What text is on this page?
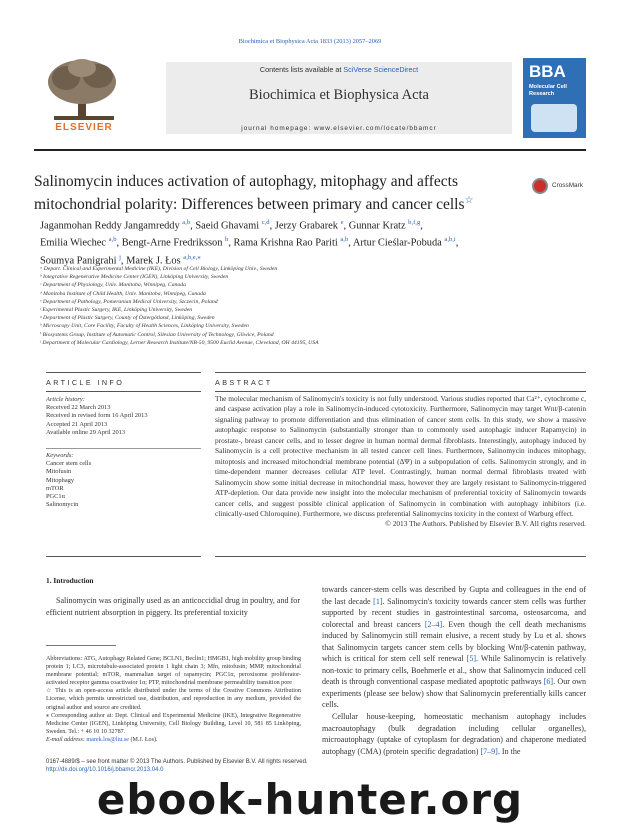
Biochimica et Biophysica Acta 1833 (2013) 2057–2069
ELSEVIER
Contents lists available at SciVerse ScienceDirect
Biochimica et Biophysica Acta
journal homepage: www.elsevier.com/locate/bbamcr
BBA
Molecular Cell
Research
Salinomycin induces activation of autophagy, mitophagy and affects mitochondrial polarity: Differences between primary and cancer cells☆
CrossMark
Jaganmohan Reddy Jangamreddy $^{a,b}$, Saeid Ghavami $^{c,d}$, Jerzy Grabarek $^e$, Gunnar Kratz $^{b,f,g}$,
Emilia Wiechec $^{a,b}$, Bengt-Arne Fredriksson $^h$, Rama Krishna Rao Pariti $^{a,b}$, Artur Cieślar-Pobuda $^{a,b,i}$,
Soumya Panigrahi $^j$, Marek J. Łos $^{a,b,e,⁎}$
ᵃ Depart. Clinical and Experimental Medicine (IKE), Division of Cell Biology, Linköping Univ., Sweden
ᵇ Integrative Regenerative Medicine Center (IGEN), Linköping University, Sweden
ᶜ Department of Physiology, Univ. Manitoba, Winnipeg, Canada
ᵈ Manitoba Institute of Child Health, Univ. Manitoba, Winnipeg, Canada
ᵉ Department of Pathology, Pomeranian Medical University, Szczecin, Poland
ᶠ Experimental Plastic Surgery, IKE, Linköping University, Sweden
ᵍ Department of Plastic Surgery, County of Östergötland, Linköping, Sweden
ʰ Microscopy Unit, Core Facility, Faculty of Health Sciences, Linköping University, Sweden
ⁱ Biosystems Group, Institute of Automatic Control, Silesian University of Technology, Gliwice, Poland
ʲ Department of Molecular Cardiology, Lerner Research Institute/NB-50, 9500 Euclid Avenue, Cleveland, OH 44195, USA
ARTICLE INFO	ABSTRACT
Article history:
Received 22 March 2013
Received in revised form 16 April 2013
Accepted 21 April 2013
Available online 29 April 2013
Keywords:
Cancer stem cells
Mitofusin
Mitophagy
mTOR
PGC1α
Salinomycin
The molecular mechanism of Salinomycin's toxicity is not fully understood. Various studies reported that Ca²⁺, cytochrome c, and caspase activation play a role in Salinomycin-induced cytotoxicity. Furthermore, Salinomycin may target Wnt/β-catenin signaling pathway to promote differentiation and thus elimination of cancer stem cells. In this study, we show a massive autophagic response to Salinomycin (substantially stronger than to commonly used autophagic inducer Rapamycin) in prostate-, breast cancer cells, and to lesser degree in human normal dermal fibroblasts. Interestingly, autophagy induced by Salinomycin is a cell protective mechanism in all tested cancer cell lines. Furthermore, Salinomycin induces mitophagy, mitoptosis and increased mitochondrial membrane potential (ΔΨ) in a subpopulation of cells. Salinomycin strongly, and in time-dependent manner decreases cellular ATP level. Contrastingly, human normal dermal fibroblasts treated with Salinomycin show some initial decrease in mitochondrial mass, however they are largely resistant to Salinomycin-triggered ATP-depletion. Our data provide new insight into the molecular mechanism of preferential toxicity of Salinomycin towards cancer cells, and suggest possible clinical application of Salinomycin in combination with autophagy inhibitors (i.e. clinically-used Chloroquine). Furthermore, we discuss preferential Salinomycins toxicity in the context of Warburg effect.
© 2013 The Authors. Published by Elsevier B.V. All rights reserved.
1. Introduction
Salinomycin was originally used as an anticoccidial drug in poultry, and for efficient nutrient absorption in piggery. Its preferential toxicity
Abbreviations: ATG, Autophagy Related Gene; BCLN1, Beclin1; HMGB1, high mobility group binding protein 1; LC3, microtubule-associated protein 1 light chain 3; Mfn, mitofusin; MMP, mitochondrial membrane potential; mTOR, mammalian target of rapamycin; PGC1α, peroxisome proliferator-activated receptor gamma coactivator 1α; PTP, mitochondrial membrane permeability transition pore
☆ This is an open-access article distributed under the terms of the Creative Commons Attribution License, which permits unrestricted use, distribution, and reproduction in any medium, provided the original author and source are credited.
⁎ Corresponding author at: Dept. Clinical and Experimental Medicine (IKE), Integrative Regenerative Medicine Center (IGEN), Linköping University, Cell Biology Building, Level 10, 581 85 Linköping, Sweden. Tel.: + 46 10 10 32787.
E-mail address: marek.los@liu.se (M.J. Łos).
towards cancer-stem cells was described by Gupta and colleagues in the end of the last decade [1]. Salinomycin's toxicity towards cancer stem cells was further supported by recent studies in gastrointestinal sarcoma, osteosarcoma, and colorectal and breast cancers [2–4]. Even though the cell death mechanisms induced by Salinomycin still remain elusive, a recent study by Lu et al. shows that Salinomycin targets cancer stem cells by blocking Wnt/β-catenin pathway, which is critical for stem cell self renewal [5]. While Salinomycin is relatively non-toxic to primary cells, Boehmerle et al., show that Salinomycin induced cell death is through conventional caspase mediated apoptotic pathways [6]. Our own experiments (please see below) show that Salinomycin preferentially kills cancer cells.
Cellular house-keeping, homeostatic mechanism autophagy includes macroautophagy (bulk degradation including cellular organelles), microautophagy (uptake of cytoplasm for degradation) and chaperone mediated autophagy (CMA) (protein specific degradation) [7–9]. In the
0167-4889/$ – see front matter © 2013 The Authors. Published by Elsevier B.V. All rights reserved.
http://dx.doi.org/10.1016/j.bbamcr.2013.04.0
ebook-hunter.org
